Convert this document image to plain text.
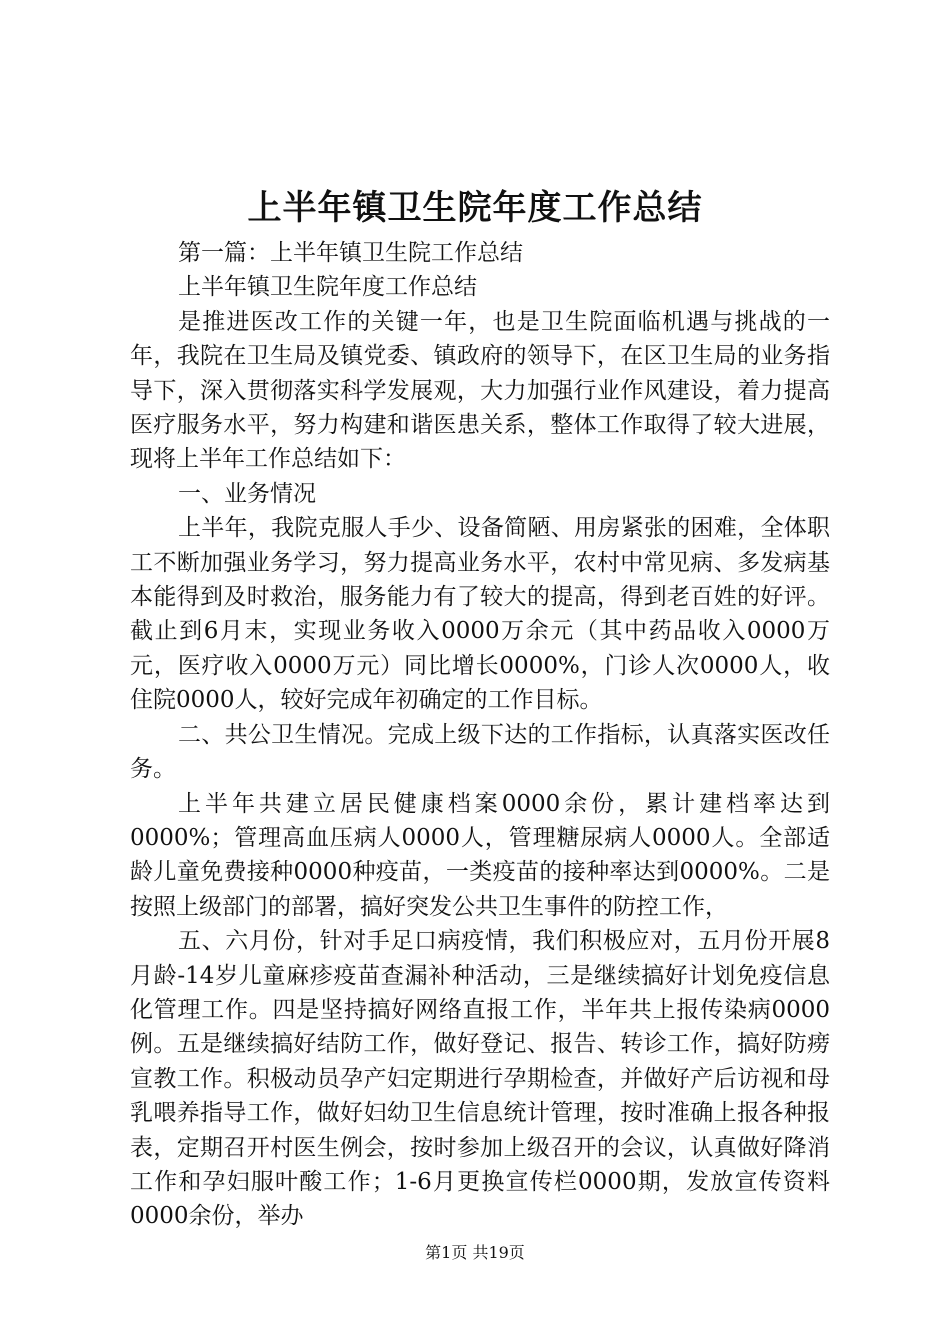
上半年镇卫生院年度工作总结

第一篇：上半年镇卫生院工作总结

上半年镇卫生院年度工作总结

是推进医改工作的关键一年，也是卫生院面临机遇与挑战的一年，我院在卫生局及镇党委、镇政府的领导下，在区卫生局的业务指导下，深入贯彻落实科学发展观，大力加强行业作风建设，着力提高医疗服务水平，努力构建和谐医患关系，整体工作取得了较大进展，现将上半年工作总结如下：

一、业务情况

上半年，我院克服人手少、设备简陋、用房紧张的困难，全体职工不断加强业务学习，努力提高业务水平，农村中常见病、多发病基本能得到及时救治，服务能力有了较大的提高，得到老百姓的好评。截止到6月末，实现业务收入0000万余元（其中药品收入0000万元，医疗收入0000万元）同比增长0000%，门诊人次0000人，收住院0000人，较好完成年初确定的工作目标。

二、共公卫生情况。完成上级下达的工作指标，认真落实医改任务。

上半年共建立居民健康档案0000余份，累计建档率达到0000%；管理高血压病人0000人，管理糖尿病人0000人。全部适龄儿童免费接种0000种疫苗，一类疫苗的接种率达到0000%。二是按照上级部门的部署，搞好突发公共卫生事件的防控工作，

五、六月份，针对手足口病疫情，我们积极应对，五月份开展8月龄-14岁儿童麻疹疫苗查漏补种活动，三是继续搞好计划免疫信息化管理工作。四是坚持搞好网络直报工作，半年共上报传染病0000例。五是继续搞好结防工作，做好登记、报告、转诊工作，搞好防痨宣教工作。积极动员孕产妇定期进行孕期检查，并做好产后访视和母乳喂养指导工作，做好妇幼卫生信息统计管理，按时准确上报各种报表，定期召开村医生例会，按时参加上级召开的会议，认真做好降消工作和孕妇服叶酸工作；1-6月更换宣传栏0000期，发放宣传资料0000余份，举办

第1页 共19页
